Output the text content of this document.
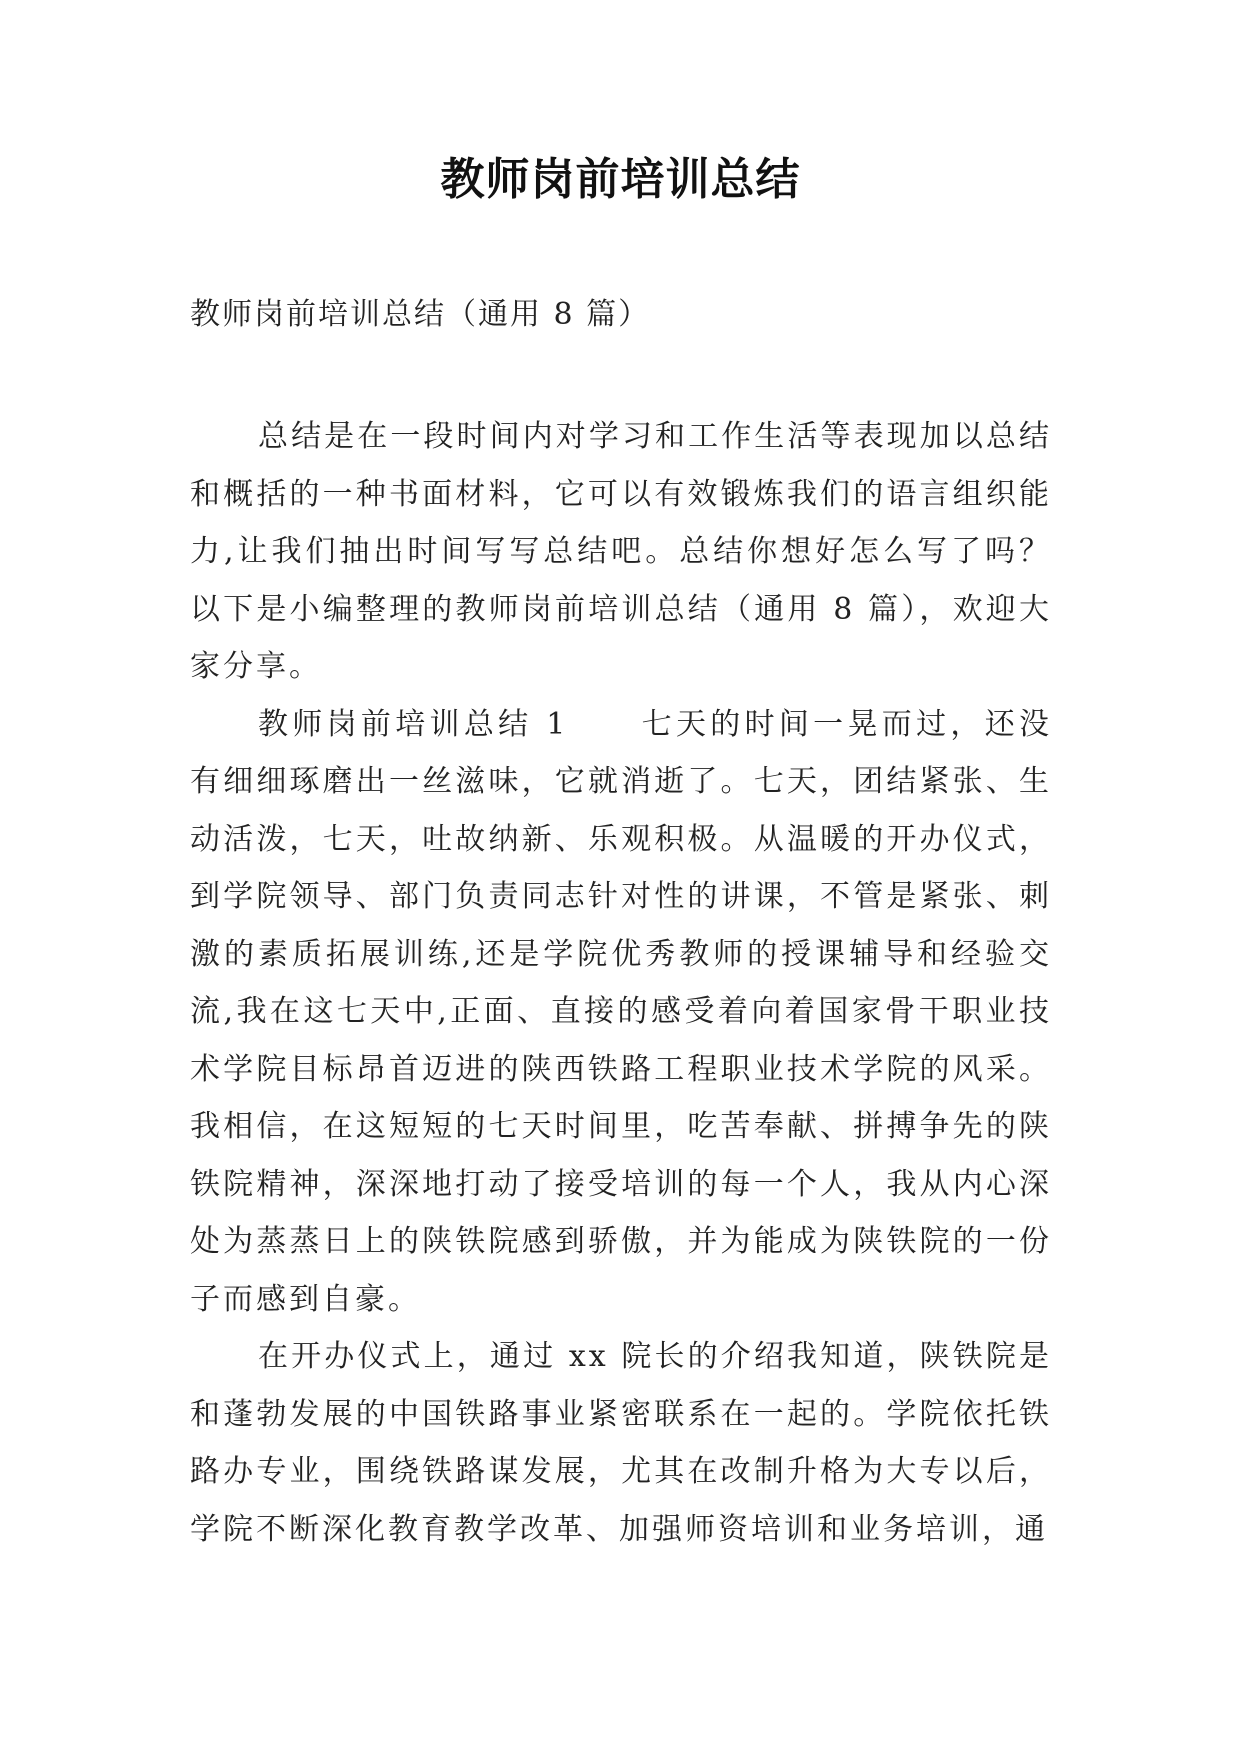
教师岗前培训总结
教师岗前培训总结（通用 8 篇）

总结是在一段时间内对学习和工作生活等表现加以总结和概括的一种书面材料，它可以有效锻炼我们的语言组织能力,让我们抽出时间写写总结吧。总结你想好怎么写了吗？以下是小编整理的教师岗前培训总结（通用 8 篇），欢迎大家分享。

教师岗前培训总结 1 七天的时间一晃而过，还没有细细琢磨出一丝滋味，它就消逝了。七天，团结紧张、生动活泼，七天，吐故纳新、乐观积极。从温暖的开办仪式，到学院领导、部门负责同志针对性的讲课，不管是紧张、刺激的素质拓展训练,还是学院优秀教师的授课辅导和经验交流,我在这七天中,正面、直接的感受着向着国家骨干职业技术学院目标昂首迈进的陕西铁路工程职业技术学院的风采。我相信，在这短短的七天时间里，吃苦奉献、拼搏争先的陕铁院精神，深深地打动了接受培训的每一个人，我从内心深处为蒸蒸日上的陕铁院感到骄傲，并为能成为陕铁院的一份子而感到自豪。

在开办仪式上，通过 xx 院长的介绍我知道，陕铁院是和蓬勃发展的中国铁路事业紧密联系在一起的。学院依托铁路办专业，围绕铁路谋发展，尤其在改制升格为大专以后，学院不断深化教育教学改革、加强师资培训和业务培训，通
